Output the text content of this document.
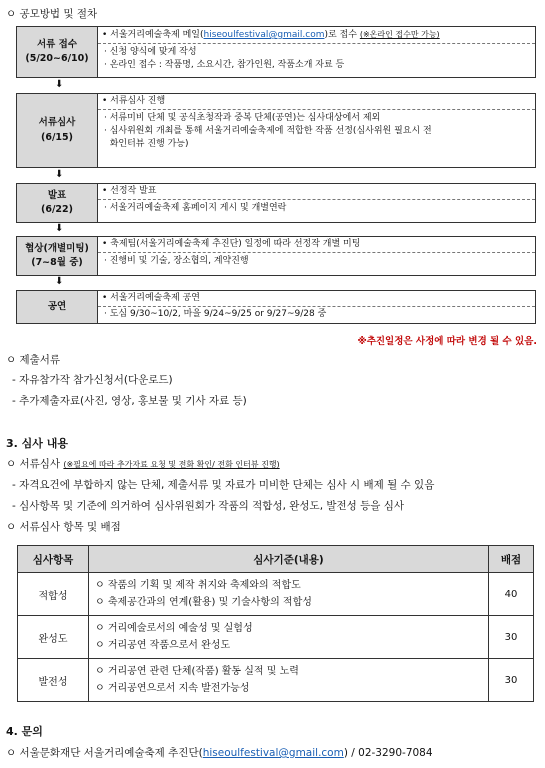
ㅇ 공모방법 및 절차
서류 접수
(5/20~6/10)
• 서울거리예술축제 메일(hiseoulfestival@gmail.com)로 접수 (※온라인 접수만 가능)
· 신청 양식에 맞게 작성
· 온라인 접수 : 작품명, 소요시간, 참가인원, 작품소개 자료 등
⬇
서류심사
(6/15)
• 서류심사 진행
· 서류미비 단체 및 공식초청작과 중복 단체(공연)는 심사대상에서 제외
· 심사위원회 개최를 통해 서울거리예술축제에 적합한 작품 선정(심사위원 필요시 전
화인터뷰 진행 가능)
⬇
발표
(6/22)
• 선정작 발표
· 서울거리예술축제 홈페이지 게시 및 개별연락
⬇
협상(개별미팅)
(7~8월 중)
• 축제팀(서울거리예술축제 추진단) 일정에 따라 선정작 개별 미팅
· 진행비 및 기술, 장소협의, 계약진행
⬇
공연
• 서울거리예술축제 공연
· 도심 9/30~10/2, 마을 9/24~9/25 or 9/27~9/28 중
※추진일정은 사정에 따라 변경 될 수 있음.
ㅇ 제출서류
- 자유참가작 참가신청서(다운로드)
- 추가제출자료(사진, 영상, 홍보물 및 기사 자료 등)
3. 심사 내용
ㅇ 서류심사 (※필요에 따라 추가자료 요청 및 전화 확인/ 전화 인터뷰 진행)
- 자격요건에 부합하지 않는 단체, 제출서류 및 자료가 미비한 단체는 심사 시 배제 될 수 있음
- 심사항목 및 기준에 의거하여 심사위원회가 작품의 적합성, 완성도, 발전성 등을 심사
ㅇ 서류심사 항목 및 배점
심사항목	심사기준(내용)	배점
적합성	ㅇ 작품의 기획 및 제작 취지와 축제와의 적합도
ㅇ 축제공간과의 연계(활용) 및 기술사항의 적합성	40
완성도	ㅇ 거리예술로서의 예술성 및 실험성
ㅇ 거리공연 작품으로서 완성도	30
발전성	ㅇ 거리공연 관련 단체(작품) 활동 실적 및 노력
ㅇ 거리공연으로서 지속 발전가능성	30
4. 문의
ㅇ 서울문화재단 서울거리예술축제 추진단(hiseoulfestival@gmail.com) / 02-3290-7084
